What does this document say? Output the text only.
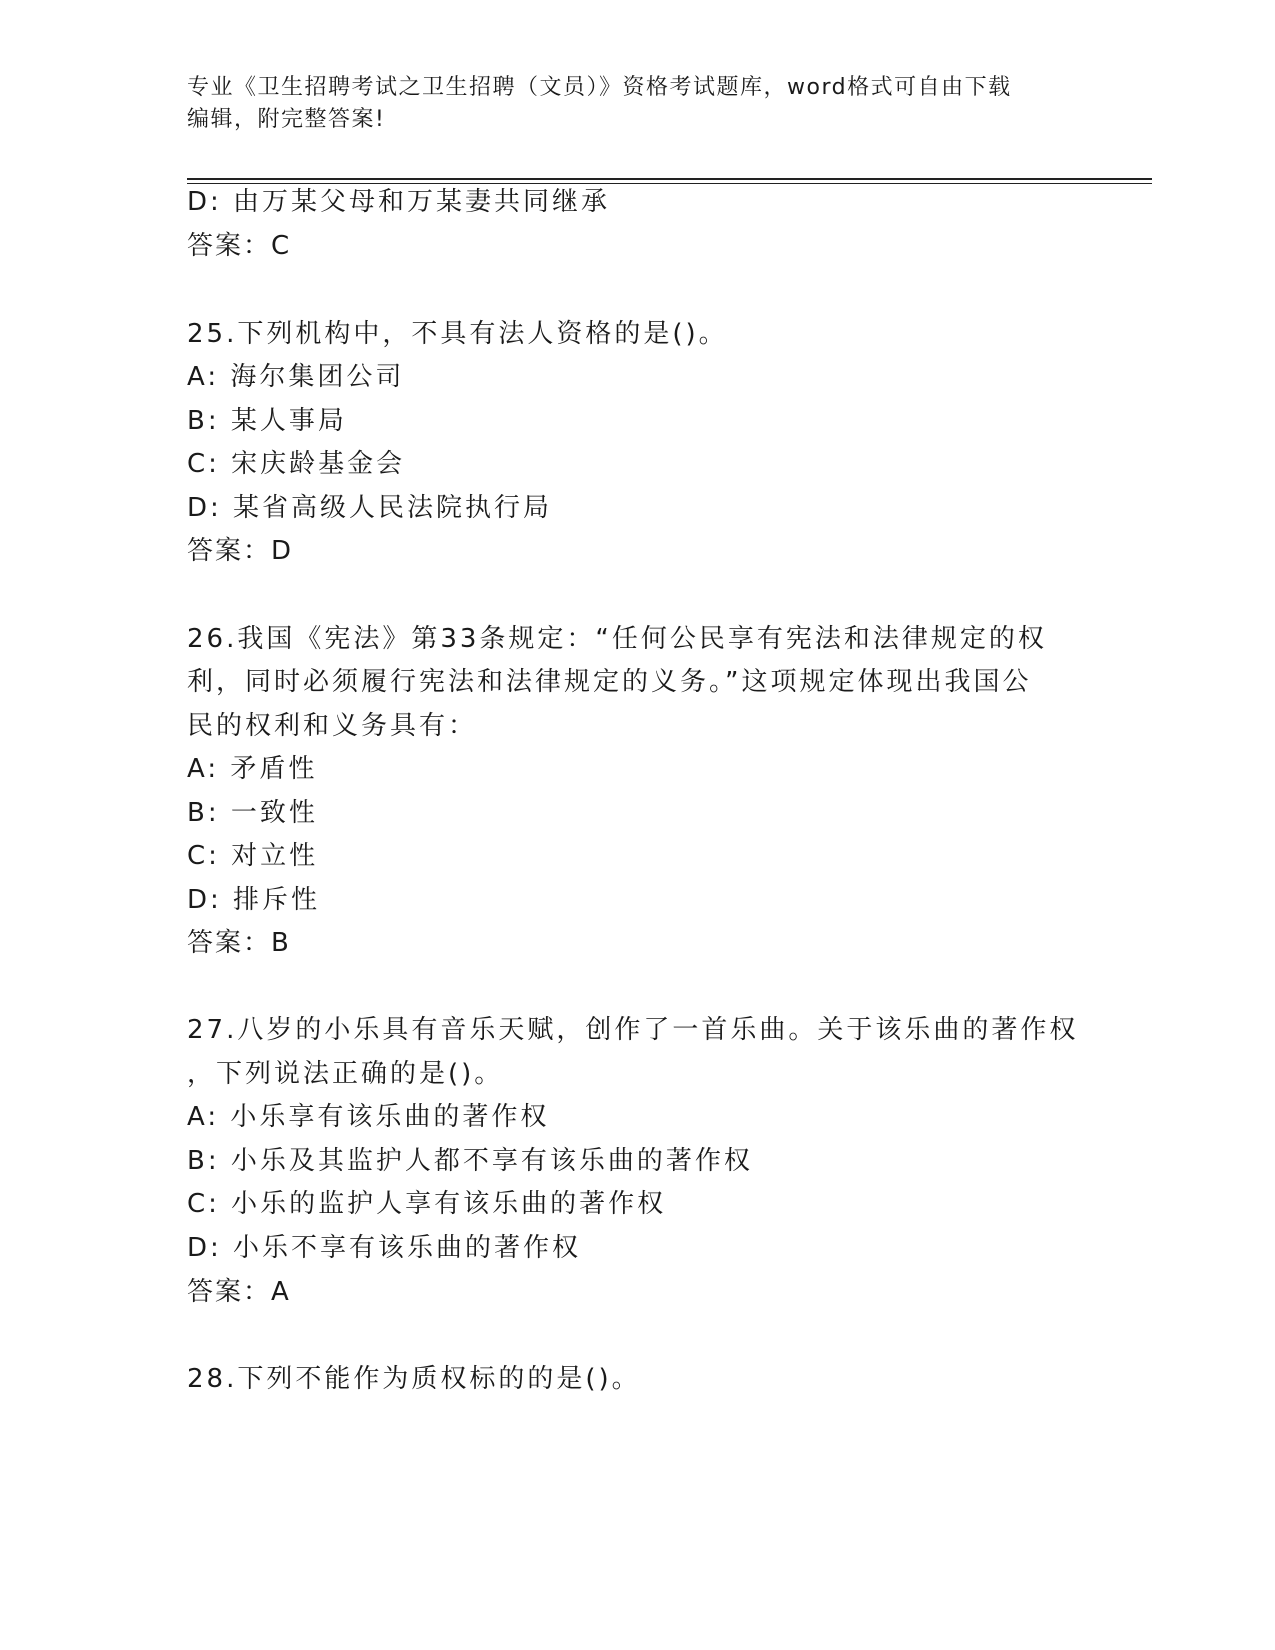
专业《卫生招聘考试之卫生招聘（文员）》资格考试题库，word格式可自由下载
编辑，附完整答案!
D: 由万某父母和万某妻共同继承
答案：C
25.下列机构中，不具有法人资格的是()。
A: 海尔集团公司
B: 某人事局
C: 宋庆龄基金会
D: 某省高级人民法院执行局
答案：D
26.我国《宪法》第33条规定：“任何公民享有宪法和法律规定的权
利，同时必须履行宪法和法律规定的义务。”这项规定体现出我国公
民的权利和义务具有：
A: 矛盾性
B: 一致性
C: 对立性
D: 排斥性
答案：B
27.八岁的小乐具有音乐天赋，创作了一首乐曲。关于该乐曲的著作权
，下列说法正确的是()。
A: 小乐享有该乐曲的著作权
B: 小乐及其监护人都不享有该乐曲的著作权
C: 小乐的监护人享有该乐曲的著作权
D: 小乐不享有该乐曲的著作权
答案：A
28.下列不能作为质权标的的是()。
